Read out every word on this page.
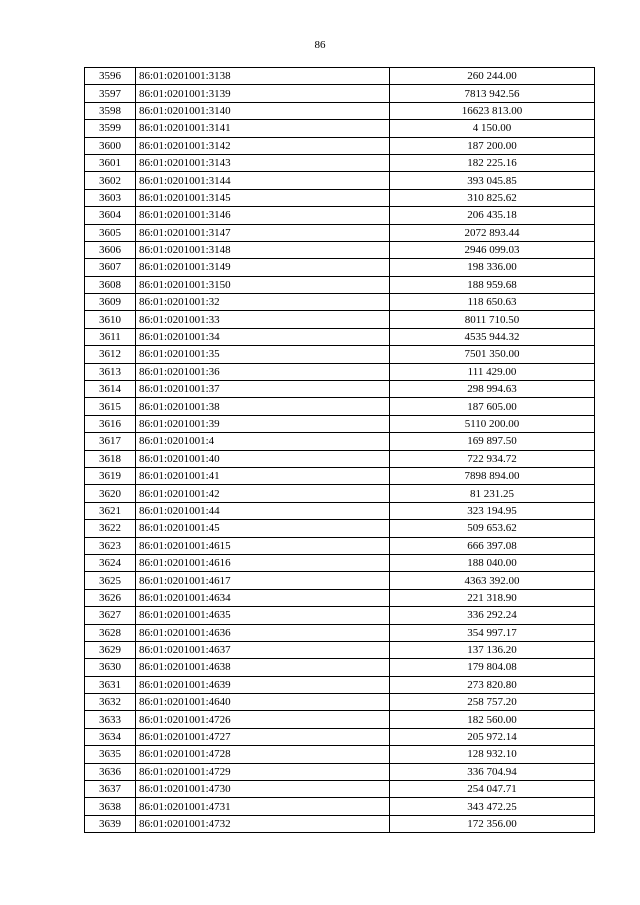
86
3596	86:01:0201001:3138	260 244.00
3597	86:01:0201001:3139	7813 942.56
3598	86:01:0201001:3140	16623 813.00
3599	86:01:0201001:3141	4 150.00
3600	86:01:0201001:3142	187 200.00
3601	86:01:0201001:3143	182 225.16
3602	86:01:0201001:3144	393 045.85
3603	86:01:0201001:3145	310 825.62
3604	86:01:0201001:3146	206 435.18
3605	86:01:0201001:3147	2072 893.44
3606	86:01:0201001:3148	2946 099.03
3607	86:01:0201001:3149	198 336.00
3608	86:01:0201001:3150	188 959.68
3609	86:01:0201001:32	118 650.63
3610	86:01:0201001:33	8011 710.50
3611	86:01:0201001:34	4535 944.32
3612	86:01:0201001:35	7501 350.00
3613	86:01:0201001:36	111 429.00
3614	86:01:0201001:37	298 994.63
3615	86:01:0201001:38	187 605.00
3616	86:01:0201001:39	5110 200.00
3617	86:01:0201001:4	169 897.50
3618	86:01:0201001:40	722 934.72
3619	86:01:0201001:41	7898 894.00
3620	86:01:0201001:42	81 231.25
3621	86:01:0201001:44	323 194.95
3622	86:01:0201001:45	509 653.62
3623	86:01:0201001:4615	666 397.08
3624	86:01:0201001:4616	188 040.00
3625	86:01:0201001:4617	4363 392.00
3626	86:01:0201001:4634	221 318.90
3627	86:01:0201001:4635	336 292.24
3628	86:01:0201001:4636	354 997.17
3629	86:01:0201001:4637	137 136.20
3630	86:01:0201001:4638	179 804.08
3631	86:01:0201001:4639	273 820.80
3632	86:01:0201001:4640	258 757.20
3633	86:01:0201001:4726	182 560.00
3634	86:01:0201001:4727	205 972.14
3635	86:01:0201001:4728	128 932.10
3636	86:01:0201001:4729	336 704.94
3637	86:01:0201001:4730	254 047.71
3638	86:01:0201001:4731	343 472.25
3639	86:01:0201001:4732	172 356.00
